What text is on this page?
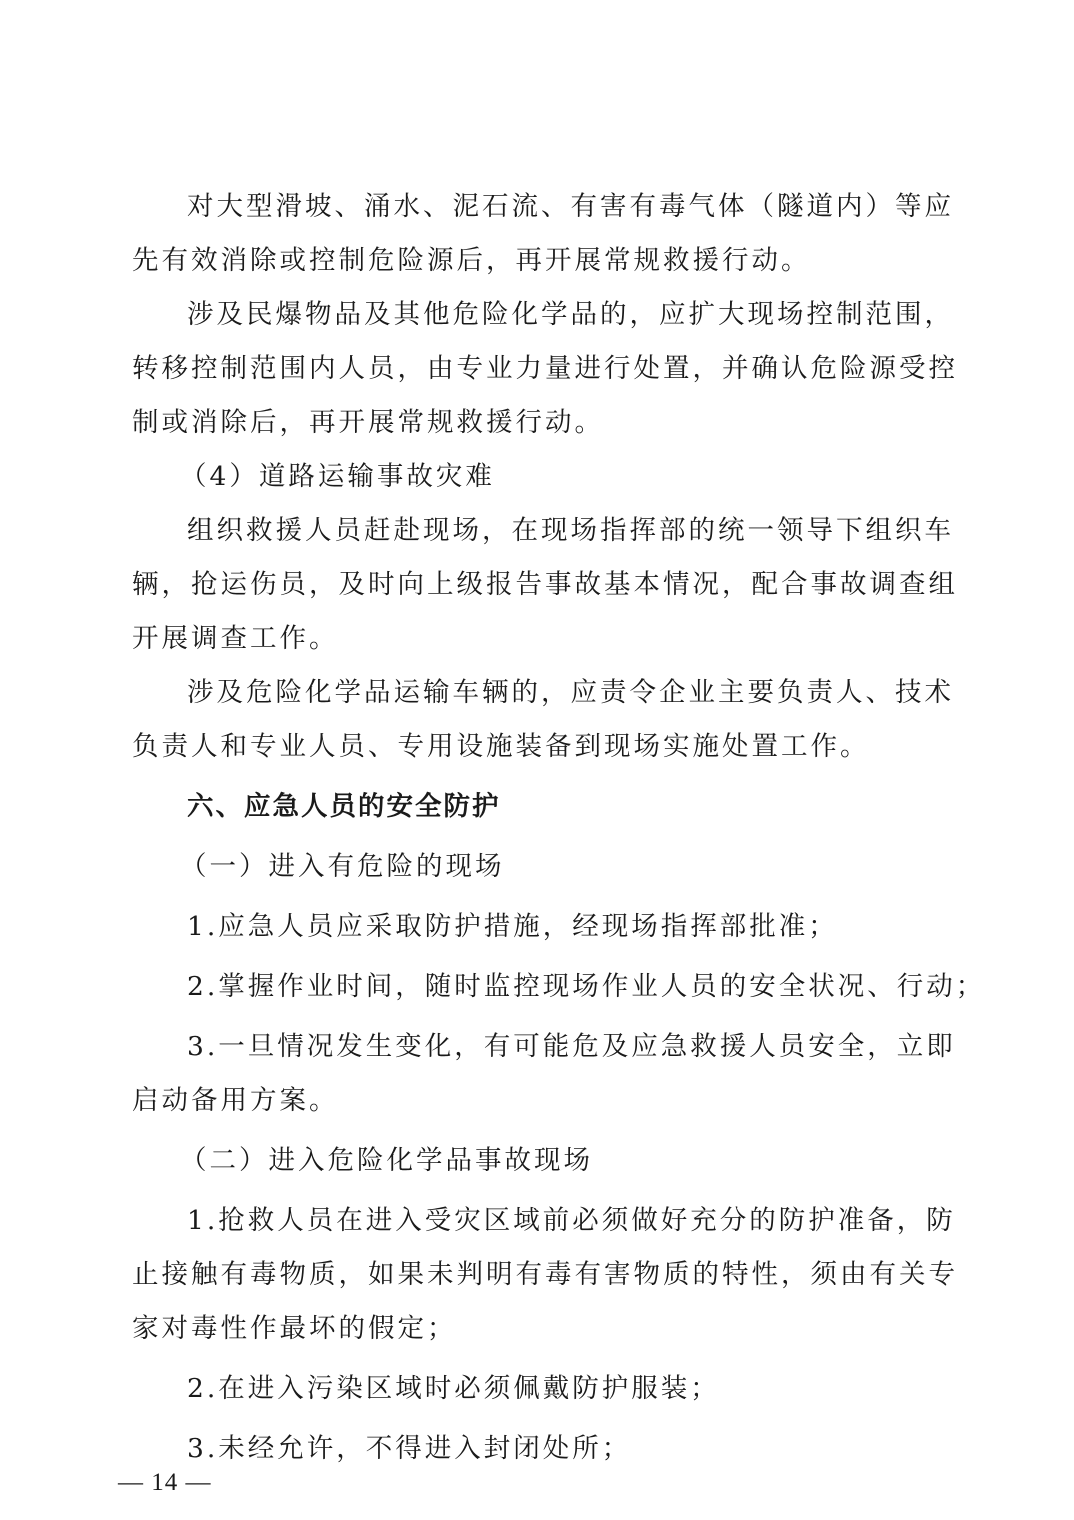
对大型滑坡、涌水、泥石流、有害有毒气体（隧道内）等应
先有效消除或控制危险源后，再开展常规救援行动。
涉及民爆物品及其他危险化学品的，应扩大现场控制范围，
转移控制范围内人员，由专业力量进行处置，并确认危险源受控
制或消除后，再开展常规救援行动。
（4）道路运输事故灾难
组织救援人员赶赴现场，在现场指挥部的统一领导下组织车
辆，抢运伤员，及时向上级报告事故基本情况，配合事故调查组
开展调查工作。
涉及危险化学品运输车辆的，应责令企业主要负责人、技术
负责人和专业人员、专用设施装备到现场实施处置工作。
六、应急人员的安全防护
（一）进入有危险的现场
1.应急人员应采取防护措施，经现场指挥部批准；
2.掌握作业时间，随时监控现场作业人员的安全状况、行动；
3.一旦情况发生变化，有可能危及应急救援人员安全，立即
启动备用方案。
（二）进入危险化学品事故现场
1.抢救人员在进入受灾区域前必须做好充分的防护准备，防
止接触有毒物质，如果未判明有毒有害物质的特性，须由有关专
家对毒性作最坏的假定；
2.在进入污染区域时必须佩戴防护服装；
3.未经允许，不得进入封闭处所；
— 14 —
